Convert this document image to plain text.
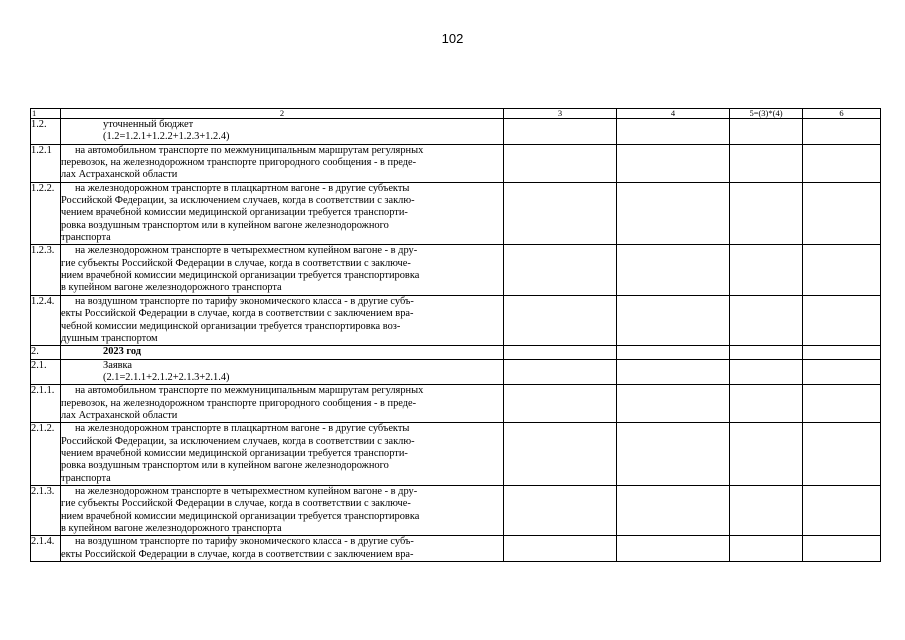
102
1	2	3	4	5=(3)*(4)	6
1.2.	уточненный бюджет
(1.2=1.2.1+1.2.2+1.2.3+1.2.4)				

1.2.1	на автомобильном транспорте по межмуниципальным маршрутам регулярных
перевозок, на железнодорожном транспорте пригородного сообщения - в преде-
лах Астраханской области				

1.2.2.	на железнодорожном транспорте в плацкартном вагоне - в другие субъекты
Российской Федерации, за исключением случаев, когда в соответствии с заклю-
чением врачебной комиссии медицинской организации требуется транспорти-
ровка воздушным транспортом или в купейном вагоне железнодорожного
транспорта				

1.2.3.	на железнодорожном транспорте в четырехместном купейном вагоне - в дру-
гие субъекты Российской Федерации в случае, когда в соответствии с заключе-
нием врачебной комиссии медицинской организации требуется транспортировка
в купейном вагоне железнодорожного транспорта				

1.2.4.	на воздушном транспорте по тарифу экономического класса - в другие субъ-
екты Российской Федерации в случае, когда в соответствии с заключением вра-
чебной комиссии медицинской организации требуется транспортировка воз-
душным транспортом				

2.	2023 год				

2.1.	Заявка
(2.1=2.1.1+2.1.2+2.1.3+2.1.4)				

2.1.1.	на автомобильном транспорте по межмуниципальным маршрутам регулярных
перевозок, на железнодорожном транспорте пригородного сообщения - в преде-
лах Астраханской области				

2.1.2.	на железнодорожном транспорте в плацкартном вагоне - в другие субъекты
Российской Федерации, за исключением случаев, когда в соответствии с заклю-
чением врачебной комиссии медицинской организации требуется транспорти-
ровка воздушным транспортом или в купейном вагоне железнодорожного
транспорта				

2.1.3.	на железнодорожном транспорте в четырехместном купейном вагоне - в дру-
гие субъекты Российской Федерации в случае, когда в соответствии с заключе-
нием врачебной комиссии медицинской организации требуется транспортировка
в купейном вагоне железнодорожного транспорта				

2.1.4.	на воздушном транспорте по тарифу экономического класса - в другие субъ-
екты Российской Федерации в случае, когда в соответствии с заключением вра-				
